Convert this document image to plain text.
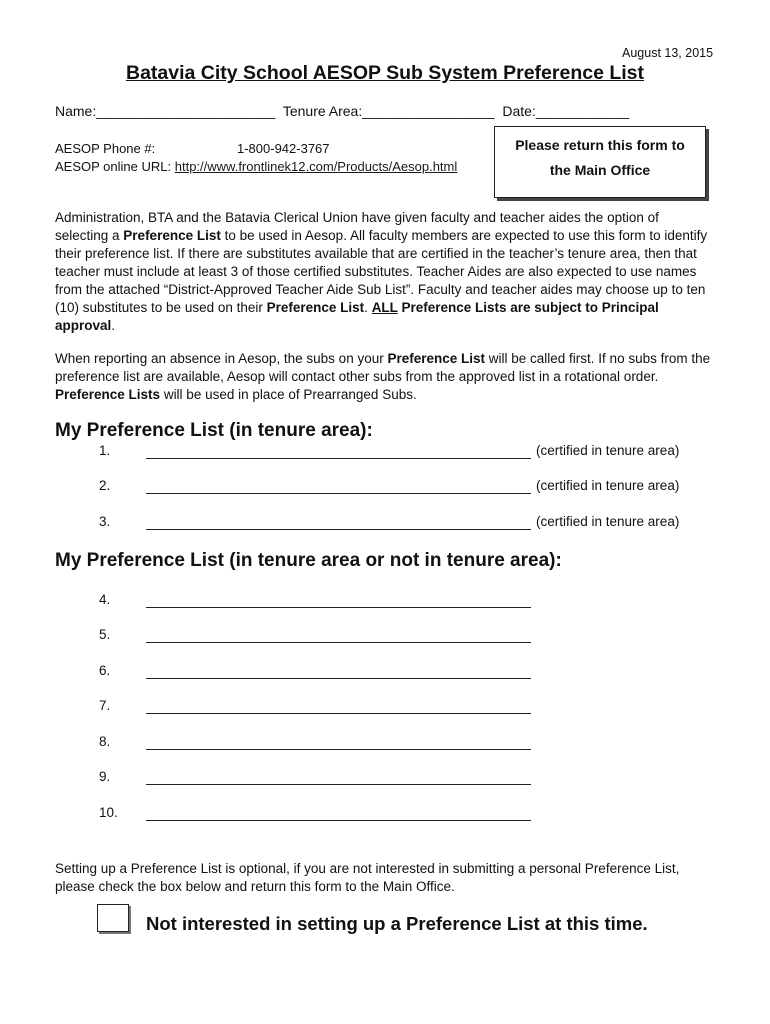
August 13, 2015
Batavia City School AESOP Sub System Preference List
Name:_______________________  Tenure Area:_________________  Date:____________
AESOP Phone #:	1-800-942-3767
AESOP online URL: http://www.frontlinek12.com/Products/Aesop.html
Please return this form to
the Main Office
Administration, BTA and the Batavia Clerical Union have given faculty and teacher aides the option of selecting a Preference List to be used in Aesop. All faculty members are expected to use this form to identify their preference list. If there are substitutes available that are certified in the teacher’s tenure area, then that teacher must include at least 3 of those certified substitutes. Teacher Aides are also expected to use names from the attached “District-Approved Teacher Aide Sub List”. Faculty and teacher aides may choose up to ten (10) substitutes to be used on their Preference List. ALL Preference Lists are subject to Principal approval.
When reporting an absence in Aesop, the subs on your Preference List will be called first. If no subs from the preference list are available, Aesop will contact other subs from the approved list in a rotational order. Preference Lists will be used in place of Prearranged Subs.
My Preference List (in tenure area):
1.	(certified in tenure area)
2.	(certified in tenure area)
3.	(certified in tenure area)
My Preference List (in tenure area or not in tenure area):
4.
5.
6.
7.
8.
9.
10.
Setting up a Preference List is optional, if you are not interested in submitting a personal Preference List, please check the box below and return this form to the Main Office.
Not interested in setting up a Preference List at this time.
